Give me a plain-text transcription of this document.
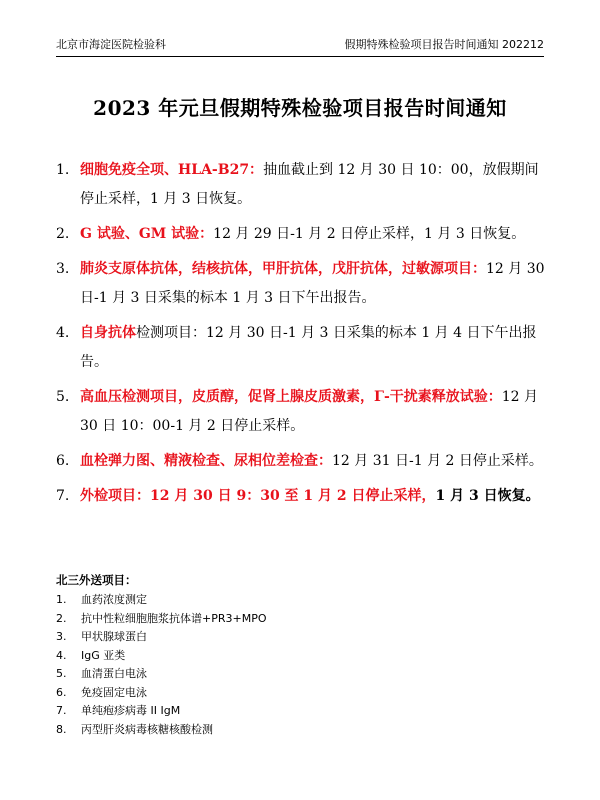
北京市海淀医院检验科	假期特殊检验项目报告时间通知 202212
2023 年元旦假期特殊检验项目报告时间通知
1. 细胞免疫全项、HLA-B27：抽血截止到 12 月 30 日 10：00，放假期间停止采样，1 月 3 日恢复。
2. G 试验、GM 试验：12 月 29 日-1 月 2 日停止采样，1 月 3 日恢复。
3. 肺炎支原体抗体，结核抗体，甲肝抗体，戊肝抗体，过敏源项目：12 月 30 日-1 月 3 日采集的标本 1 月 3 日下午出报告。
4. 自身抗体检测项目：12 月 30 日-1 月 3 日采集的标本 1 月 4 日下午出报告。
5. 高血压检测项目，皮质醇，促肾上腺皮质激素，Γ-干扰素释放试验：12 月 30 日 10：00-1 月 2 日停止采样。
6. 血栓弹力图、精液检查、尿相位差检查：12 月 31 日-1 月 2 日停止采样。
7. 外检项目：12 月 30 日 9：30 至 1 月 2 日停止采样，1 月 3 日恢复。
北三外送项目：
1. 血药浓度测定
2. 抗中性粒细胞胞浆抗体谱+PR3+MPO
3. 甲状腺球蛋白
4. IgG 亚类
5. 血清蛋白电泳
6. 免疫固定电泳
7. 单纯疱疹病毒 II IgM
8. 丙型肝炎病毒核糖核酸检测
